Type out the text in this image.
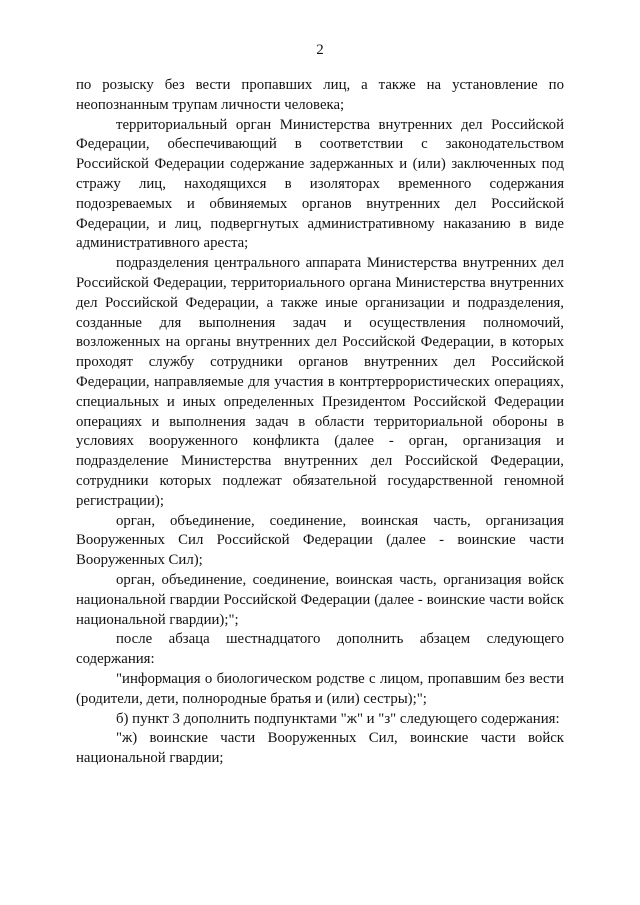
2

по розыску без вести пропавших лиц, а также на установление по неопознанным трупам личности человека;

территориальный орган Министерства внутренних дел Российской Федерации, обеспечивающий в соответствии с законодательством Российской Федерации содержание задержанных и (или) заключенных под стражу лиц, находящихся в изоляторах временного содержания подозреваемых и обвиняемых органов внутренних дел Российской Федерации, и лиц, подвергнутых административному наказанию в виде административного ареста;

подразделения центрального аппарата Министерства внутренних дел Российской Федерации, территориального органа Министерства внутренних дел Российской Федерации, а также иные организации и подразделения, созданные для выполнения задач и осуществления полномочий, возложенных на органы внутренних дел Российской Федерации, в которых проходят службу сотрудники органов внутренних дел Российской Федерации, направляемые для участия в контртеррористических операциях, специальных и иных определенных Президентом Российской Федерации операциях и выполнения задач в области территориальной обороны в условиях вооруженного конфликта (далее - орган, организация и подразделение Министерства внутренних дел Российской Федерации, сотрудники которых подлежат обязательной государственной геномной регистрации);

орган, объединение, соединение, воинская часть, организация Вооруженных Сил Российской Федерации (далее - воинские части Вооруженных Сил);

орган, объединение, соединение, воинская часть, организация войск национальной гвардии Российской Федерации (далее - воинские части войск национальной гвардии);";

после абзаца шестнадцатого дополнить абзацем следующего содержания:

"информация о биологическом родстве с лицом, пропавшим без вести (родители, дети, полнородные братья и (или) сестры);";

б) пункт 3 дополнить подпунктами "ж" и "з" следующего содержания:

"ж) воинские части Вооруженных Сил, воинские части войск национальной гвардии;
